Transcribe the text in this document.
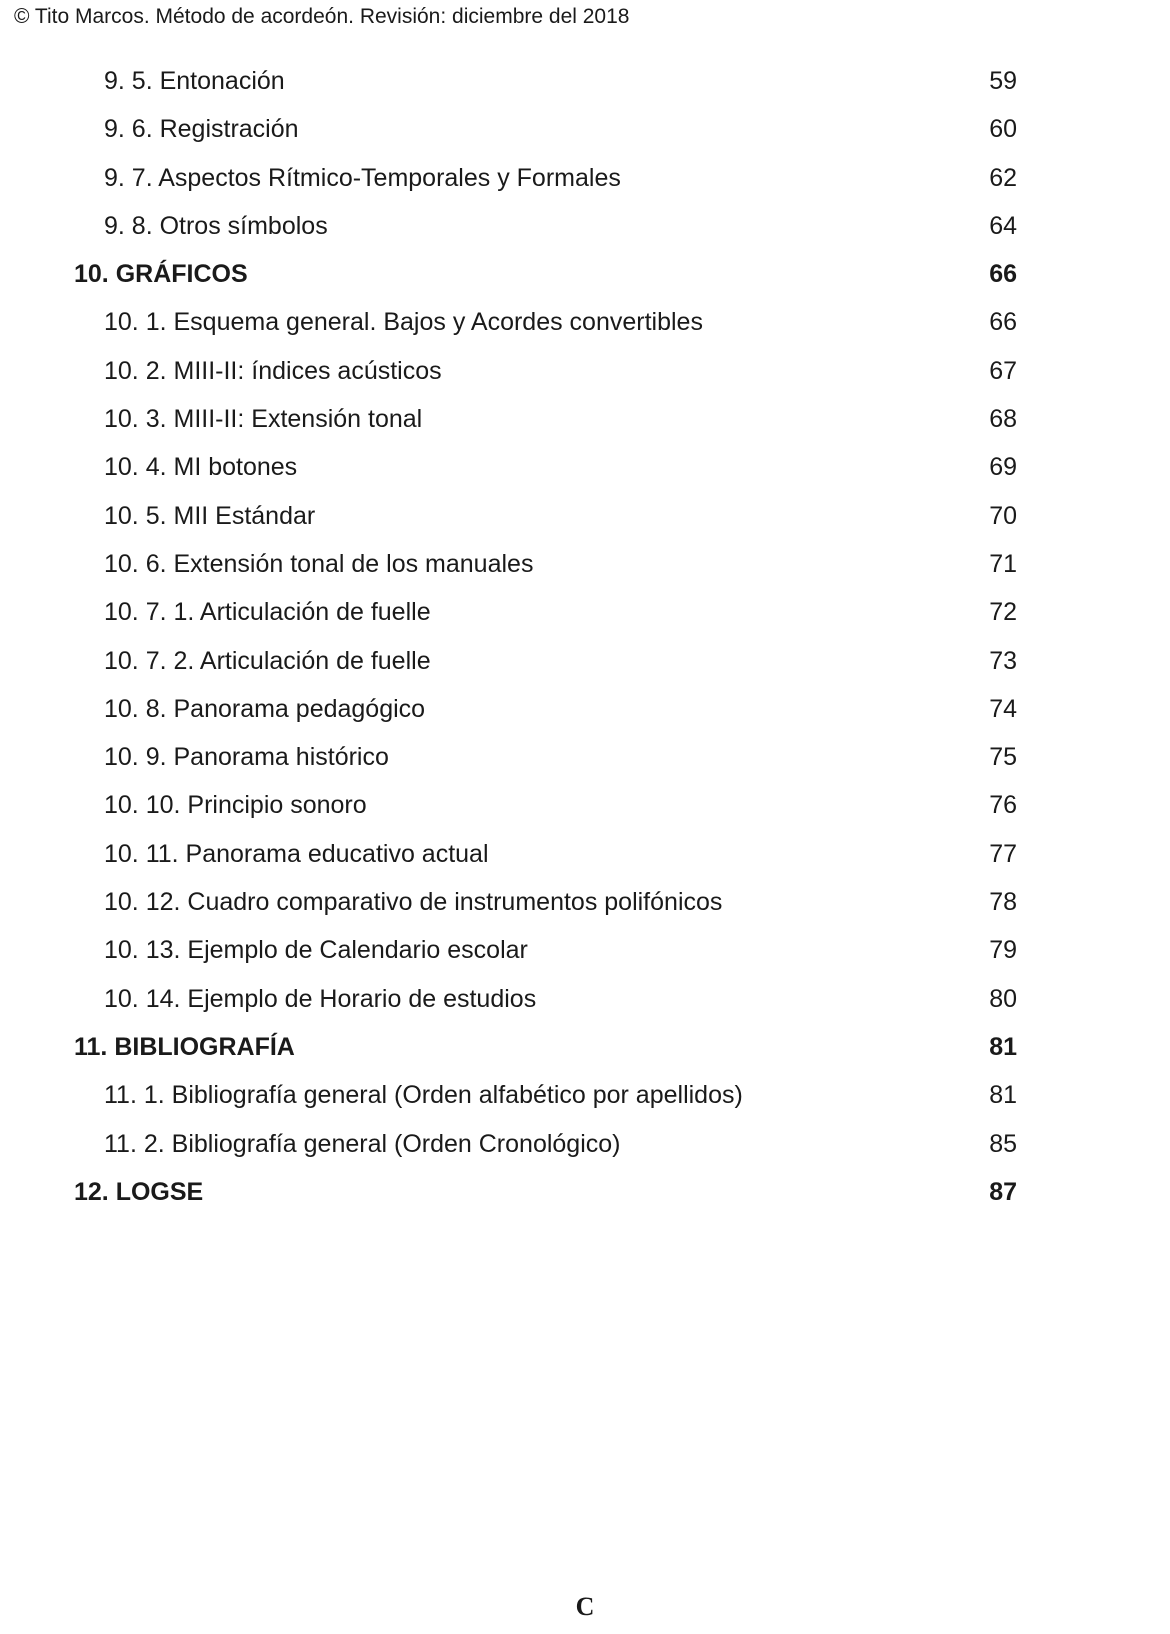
© Tito Marcos. Método de acordeón. Revisión: diciembre del 2018
9. 5. Entonación	59
9. 6. Registración	60
9. 7. Aspectos Rítmico-Temporales y Formales	62
9. 8. Otros símbolos	64
10. GRÁFICOS	66
10. 1. Esquema general. Bajos y Acordes convertibles	66
10. 2. MIII-II: índices acústicos	67
10. 3. MIII-II: Extensión tonal	68
10. 4. MI botones	69
10. 5. MII Estándar	70
10. 6. Extensión tonal de los manuales	71
10. 7. 1. Articulación de fuelle	72
10. 7. 2. Articulación de fuelle	73
10. 8. Panorama pedagógico	74
10. 9. Panorama histórico	75
10. 10. Principio sonoro	76
10. 11. Panorama educativo actual	77
10. 12. Cuadro comparativo de instrumentos polifónicos	78
10. 13. Ejemplo de Calendario escolar	79
10. 14. Ejemplo de Horario de estudios	80
11. BIBLIOGRAFÍA	81
11. 1. Bibliografía general (Orden alfabético por apellidos)	81
11. 2. Bibliografía general (Orden Cronológico)	85
12. LOGSE	87
C
